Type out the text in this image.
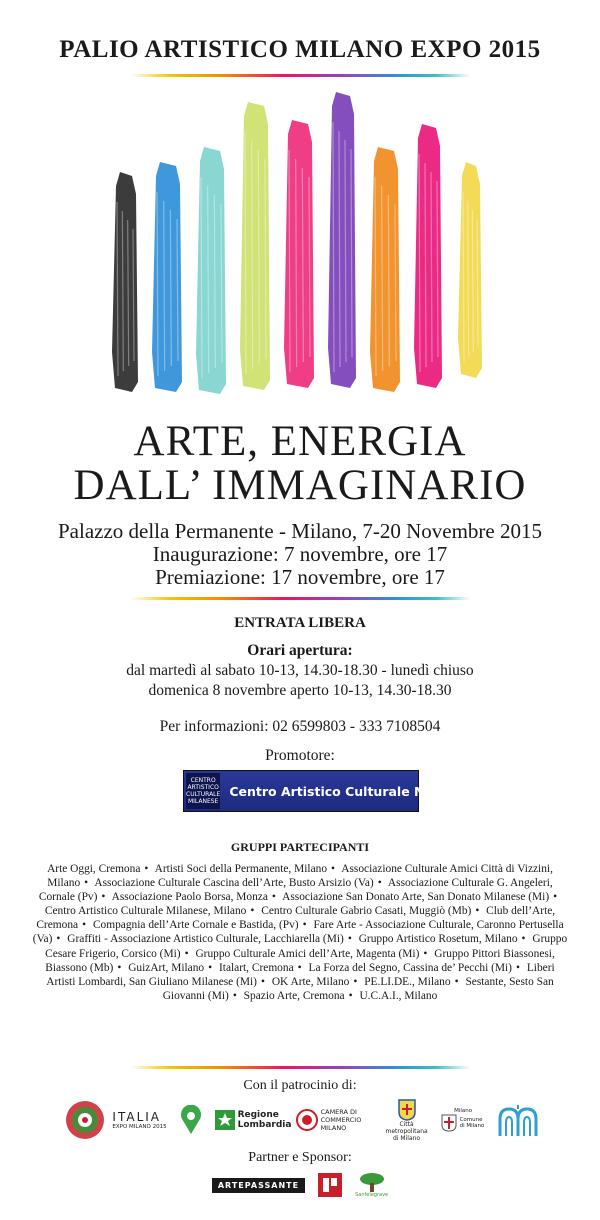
PALIO ARTISTICO MILANO EXPO 2015
ARTE, ENERGIA
DALL’ IMMAGINARIO
Palazzo della Permanente - Milano, 7-20 Novembre 2015
Inaugurazione: 7 novembre, ore 17
Premiazione: 17 novembre, ore 17
ENTRATA LIBERA
Orari apertura:
dal martedì al sabato 10-13, 14.30-18.30 - lunedì chiuso
domenica 8 novembre aperto 10-13, 14.30-18.30
Per informazioni: 02 6599803 - 333 7108504
Promotore:
CENTRO ARTISTICO CULTURALE MILANESE
Centro Artistico Culturale Milanese
GRUPPI PARTECIPANTI
Arte Oggi, Cremona • Artisti Soci della Permanente, Milano • Associazione Culturale Amici Città di Vizzini, Milano • Associazione Culturale Cascina dell’Arte, Busto Arsizio (Va) • Associazione Culturale G. Angeleri, Cornale (Pv) • Associazione Paolo Borsa, Monza • Associazione San Donato Arte, San Donato Milanese (Mi) • Centro Artistico Culturale Milanese, Milano • Centro Culturale Gabrio Casati, Muggiò (Mb) • Club dell’Arte, Cremona • Compagnia dell’Arte Cornale e Bastida, (Pv) • Fare Arte - Associazione Culturale, Caronno Pertusella (Va) • Graffiti - Associazione Artistico Culturale, Lacchiarella (Mi) • Gruppo Artistico Rosetum, Milano • Gruppo Cesare Frigerio, Corsico (Mi) • Gruppo Culturale Amici dell’Arte, Magenta (Mi) • Gruppo Pittori Biassonesi, Biassono (Mb) • GuizArt, Milano • Italart, Cremona • La Forza del Segno, Cassina de’ Pecchi (Mi) • Liberi Artisti Lombardi, San Giuliano Milanese (Mi) • OK Arte, Milano • PE.LI.DE., Milano • Sestante, Sesto San Giovanni (Mi) • Spazio Arte, Cremona • U.C.A.I., Milano
Con il patrocinio di:
ITALIA
EXPO MILANO 2015
Regione Lombardia
CAMERA DI COMMERCIO MILANO	Città metropolitana di Milano
Milano
Comune di Milano
Partner e Sponsor:
ARTEPASSANTE
Sanfelegrave
